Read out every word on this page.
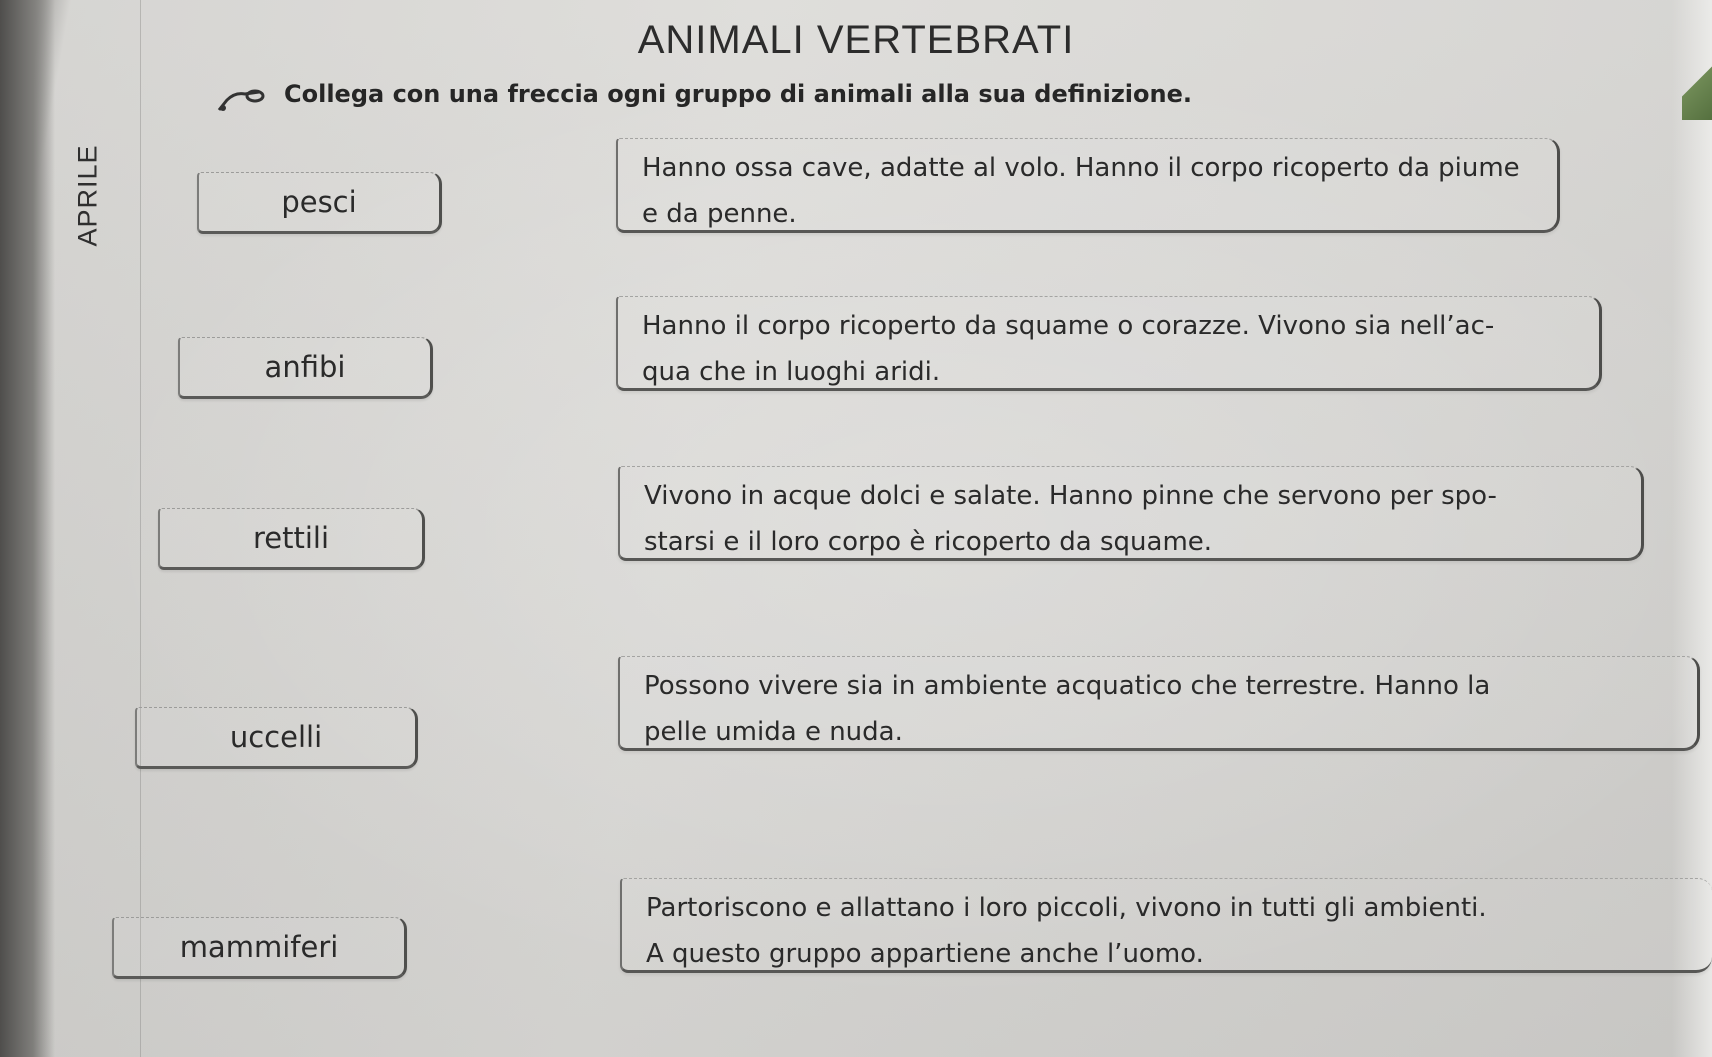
APRILE
ANIMALI VERTEBRATI
Collega con una freccia ogni gruppo di animali alla sua definizione.
pesci
anfibi
rettili
uccelli
mammiferi
Hanno ossa cave, adatte al volo. Hanno il corpo ricoperto da piume
e da penne.
Hanno il corpo ricoperto da squame o corazze. Vivono sia nell’ac-
qua che in luoghi aridi.
Vivono in acque dolci e salate. Hanno pinne che servono per spo-
starsi e il loro corpo è ricoperto da squame.
Possono vivere sia in ambiente acquatico che terrestre. Hanno la
pelle umida e nuda.
Partoriscono e allattano i loro piccoli, vivono in tutti gli ambienti.
A questo gruppo appartiene anche l’uomo.
